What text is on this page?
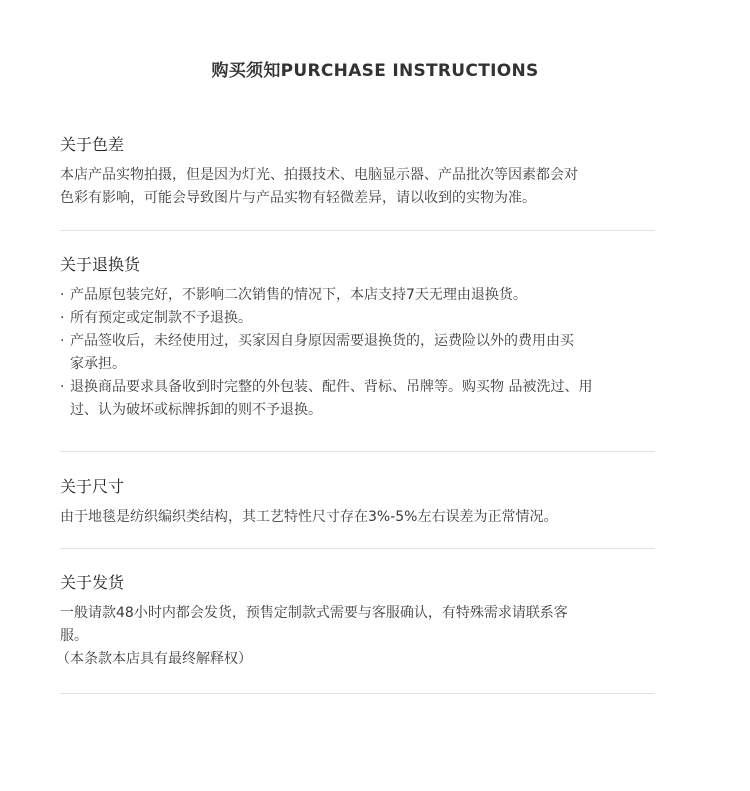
购买须知PURCHASE INSTRUCTIONS
关于色差
本店产品实物拍摄，但是因为灯光、拍摄技术、电脑显示器、产品批次等因素都会对
色彩有影响，可能会导致图片与产品实物有轻微差异，请以收到的实物为准。
关于退换货
· 产品原包装完好，不影响二次销售的情况下，本店支持7天无理由退换货。
· 所有预定或定制款不予退换。
· 产品签收后，未经使用过，买家因自身原因需要退换货的，运费险以外的费用由买
家承担。
· 退换商品要求具备收到时完整的外包装、配件、背标、吊牌等。购买物 品被洗过、用
过、认为破坏或标牌拆卸的则不予退换。
关于尺寸
由于地毯是纺织编织类结构，其工艺特性尺寸存在3%-5%左右误差为正常情况。
关于发货
一般请款48小时内都会发货，预售定制款式需要与客服确认，有特殊需求请联系客
服。
（本条款本店具有最终解释权）
